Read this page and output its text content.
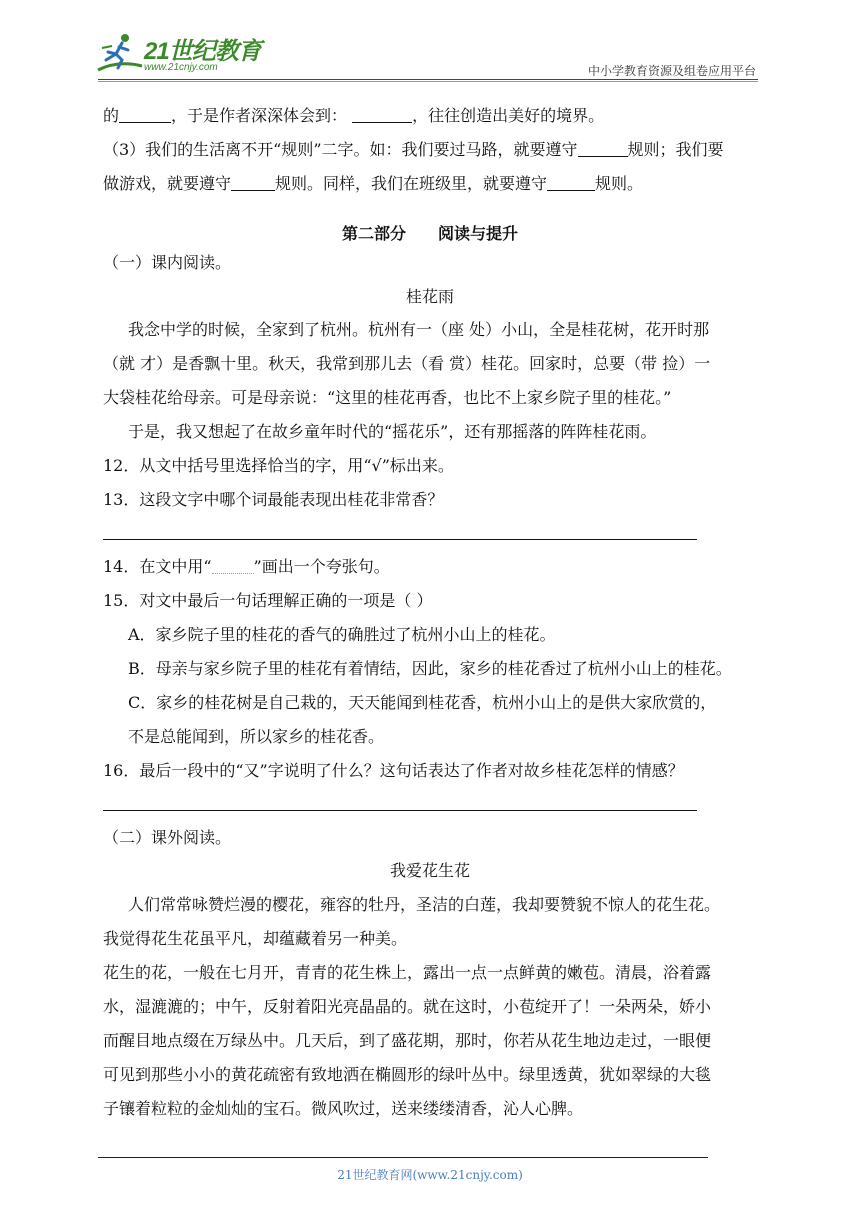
21世纪教育
www.21cnjy.com	中小学教育资源及组卷应用平台
的	，于是作者深深体会到：	，往往创造出美好的境界。
（3）我们的生活离不开“规则”二字。如：我们要过马路，就要遵守	规则；我们要
做游戏，就要遵守	规则。同样，我们在班级里，就要遵守	规则。
第二部分　　阅读与提升
（一）课内阅读。
桂花雨
我念中学的时候，全家到了杭州。杭州有一（座 处）小山，全是桂花树，花开时那
（就 才）是香飘十里。秋天，我常到那儿去（看 赏）桂花。回家时，总要（带 捡）一
大袋桂花给母亲。可是母亲说：“这里的桂花再香，也比不上家乡院子里的桂花。”
于是，我又想起了在故乡童年时代的“摇花乐”，还有那摇落的阵阵桂花雨。
12．从文中括号里选择恰当的字，用“√”标出来。
13．这段文字中哪个词最能表现出桂花非常香？
14．在文中用“	”画出一个夸张句。
15．对文中最后一句话理解正确的一项是（ ）
A．家乡院子里的桂花的香气的确胜过了杭州小山上的桂花。
B．母亲与家乡院子里的桂花有着情结，因此，家乡的桂花香过了杭州小山上的桂花。
C．家乡的桂花树是自己栽的，天天能闻到桂花香，杭州小山上的是供大家欣赏的，
不是总能闻到，所以家乡的桂花香。
16．最后一段中的“又”字说明了什么？这句话表达了作者对故乡桂花怎样的情感？
（二）课外阅读。
我爱花生花
人们常常咏赞烂漫的樱花，雍容的牡丹，圣洁的白莲，我却要赞貌不惊人的花生花。
我觉得花生花虽平凡，却蕴藏着另一种美。
花生的花，一般在七月开，青青的花生株上，露出一点一点鲜黄的嫩苞。清晨，浴着露
水，湿漉漉的；中午，反射着阳光亮晶晶的。就在这时，小苞绽开了！一朵两朵，娇小
而醒目地点缀在万绿丛中。几天后，到了盛花期，那时，你若从花生地边走过，一眼便
可见到那些小小的黄花疏密有致地洒在椭圆形的绿叶丛中。绿里透黄，犹如翠绿的大毯
子镶着粒粒的金灿灿的宝石。微风吹过，送来缕缕清香，沁人心脾。
21世纪教育网(www.21cnjy.com)
